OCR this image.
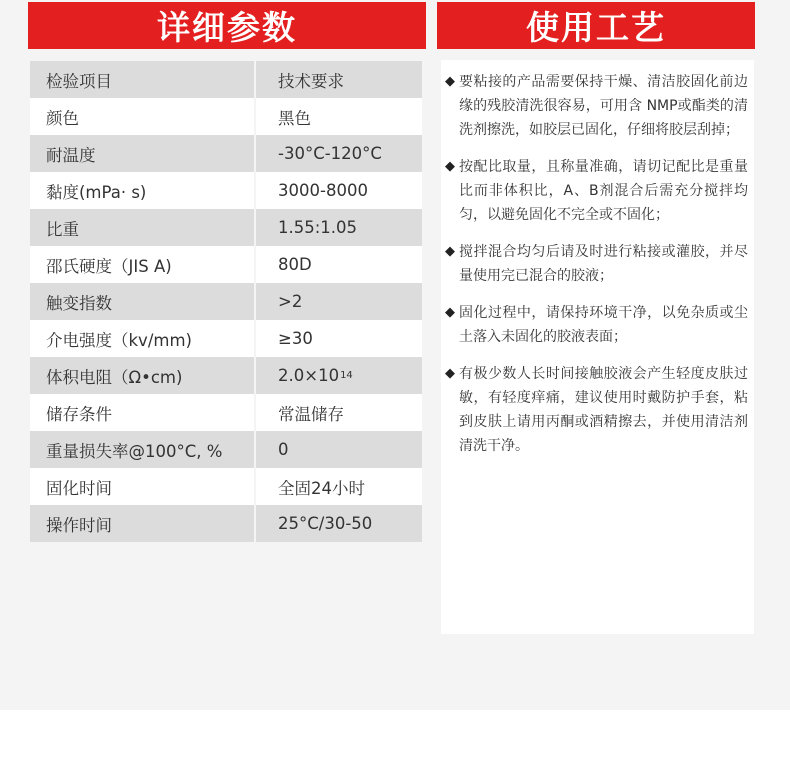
详细参数	使用工艺
检验项目	技术要求
颜色	黑色
耐温度	-30°C-120°C
黏度(mPa· s)	3000-8000
比重	1.55:1.05
邵氏硬度（JIS A)	80D
触变指数	>2
介电强度（kv/mm)	≥30
体积电阻（Ω•cm)	2.0×10 14
储存条件	常温储存
重量损失率@100°C, %	0
固化时间	全固24小时
操作时间	25°C/30-50
◆ 要粘接的产品需要保持干燥、清洁胶固化前边缘的残胶清洗很容易，可用含 NMP或酯类的清洗剂擦洗，如胶层已固化，仔细将胶层刮掉；
◆ 按配比取量，且称量准确，请切记配比是重量比而非体积比，A、B剂混合后需充分搅拌均匀，以避免固化不完全或不固化；
◆ 搅拌混合均匀后请及时进行粘接或灌胶，并尽量使用完已混合的胶液；
◆ 固化过程中，请保持环境干净，以免杂质或尘土落入未固化的胶液表面；
◆ 有极少数人长时间接触胶液会产生轻度皮肤过敏，有轻度痒痛，建议使用时戴防护手套，粘到皮肤上请用丙酮或酒精擦去，并使用清洁剂清洗干净。
